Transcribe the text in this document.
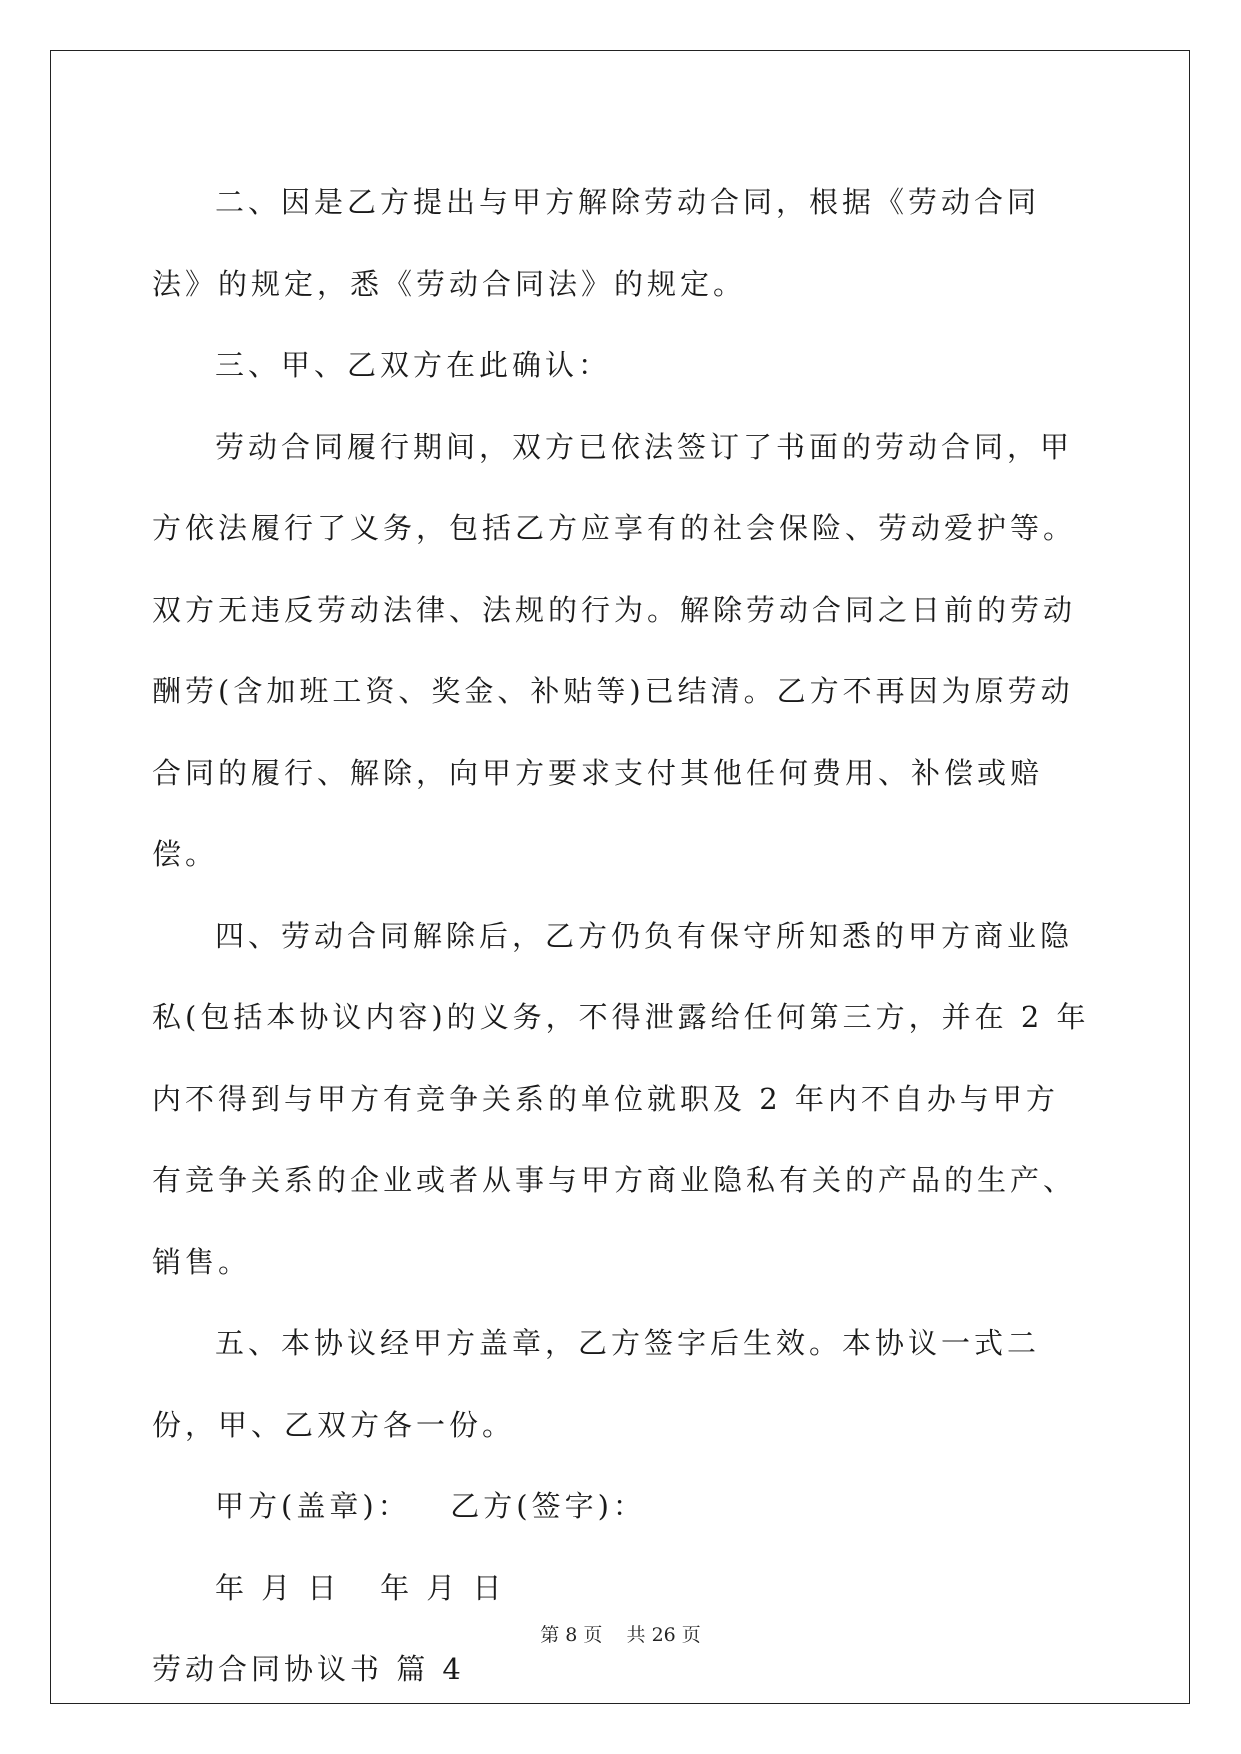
二、因是乙方提出与甲方解除劳动合同，根据《劳动合同法》的规定，悉《劳动合同法》的规定。

三、甲、乙双方在此确认：

劳动合同履行期间，双方已依法签订了书面的劳动合同，甲方依法履行了义务，包括乙方应享有的社会保险、劳动爱护等。双方无违反劳动法律、法规的行为。解除劳动合同之日前的劳动酬劳(含加班工资、奖金、补贴等)已结清。乙方不再因为原劳动合同的履行、解除，向甲方要求支付其他任何费用、补偿或赔偿。

四、劳动合同解除后，乙方仍负有保守所知悉的甲方商业隐私(包括本协议内容)的义务，不得泄露给任何第三方，并在 2 年内不得到与甲方有竞争关系的单位就职及 2 年内不自办与甲方有竞争关系的企业或者从事与甲方商业隐私有关的产品的生产、销售。

五、本协议经甲方盖章，乙方签字后生效。本协议一式二份，甲、乙双方各一份。

甲方(盖章)：   乙方(签字)：

年 月 日   年 月 日

劳动合同协议书 篇 4

第 8 页    共 26 页
